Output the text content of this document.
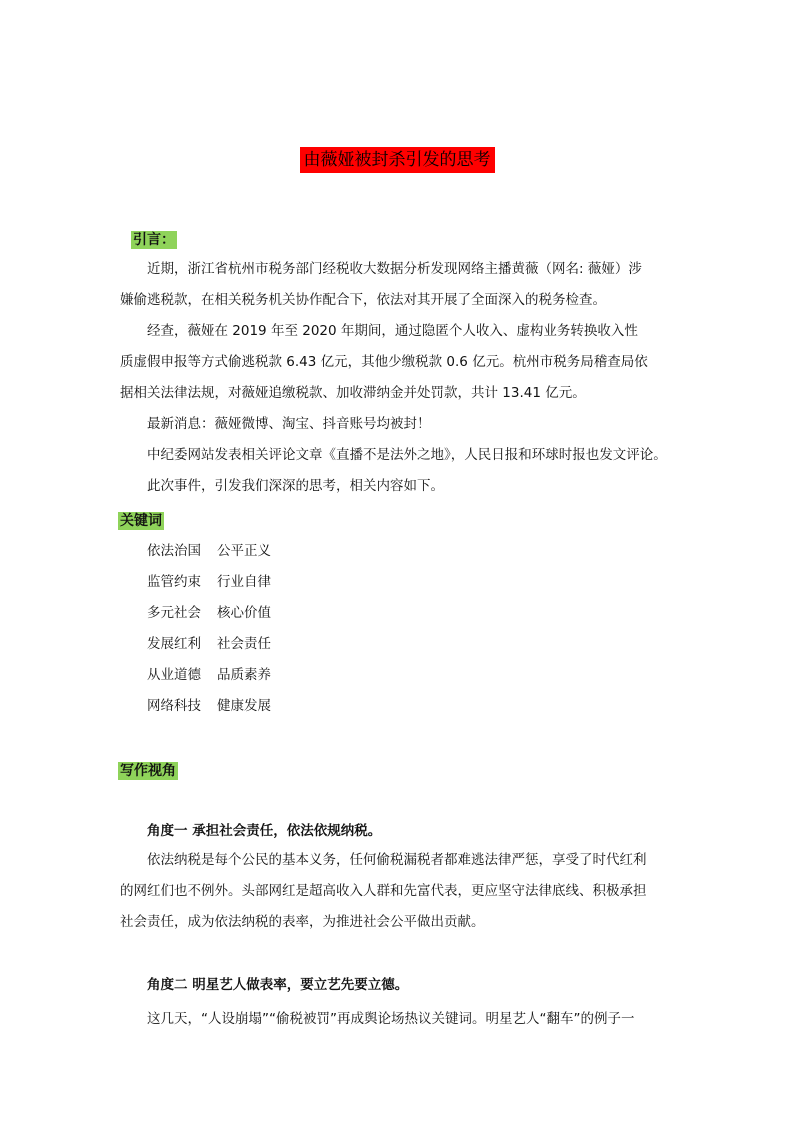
由薇娅被封杀引发的思考
引言：
近期，浙江省杭州市税务部门经税收大数据分析发现网络主播黄薇（网名: 薇娅）涉嫌偷逃税款，在相关税务机关协作配合下，依法对其开展了全面深入的税务检查。
经查，薇娅在 2019 年至 2020 年期间，通过隐匿个人收入、虚构业务转换收入性质虚假申报等方式偷逃税款 6.43 亿元，其他少缴税款 0.6 亿元。杭州市税务局稽查局依据相关法律法规，对薇娅追缴税款、加收滞纳金并处罚款，共计 13.41 亿元。
最新消息：薇娅微博、淘宝、抖音账号均被封！
中纪委网站发表相关评论文章《直播不是法外之地》，人民日报和环球时报也发文评论。
此次事件，引发我们深深的思考，相关内容如下。
关键词
依法治国 公平正义
监管约束 行业自律
多元社会 核心价值
发展红利 社会责任
从业道德 品质素养
网络科技 健康发展
写作视角
角度一 承担社会责任，依法依规纳税。
依法纳税是每个公民的基本义务，任何偷税漏税者都难逃法律严惩，享受了时代红利的网红们也不例外。头部网红是超高收入人群和先富代表，更应坚守法律底线、积极承担社会责任，成为依法纳税的表率，为推进社会公平做出贡献。
角度二 明星艺人做表率，要立艺先要立德。
这几天，“人设崩塌”“偷税被罚”再成舆论场热议关键词。明星艺人“翻车”的例子一
